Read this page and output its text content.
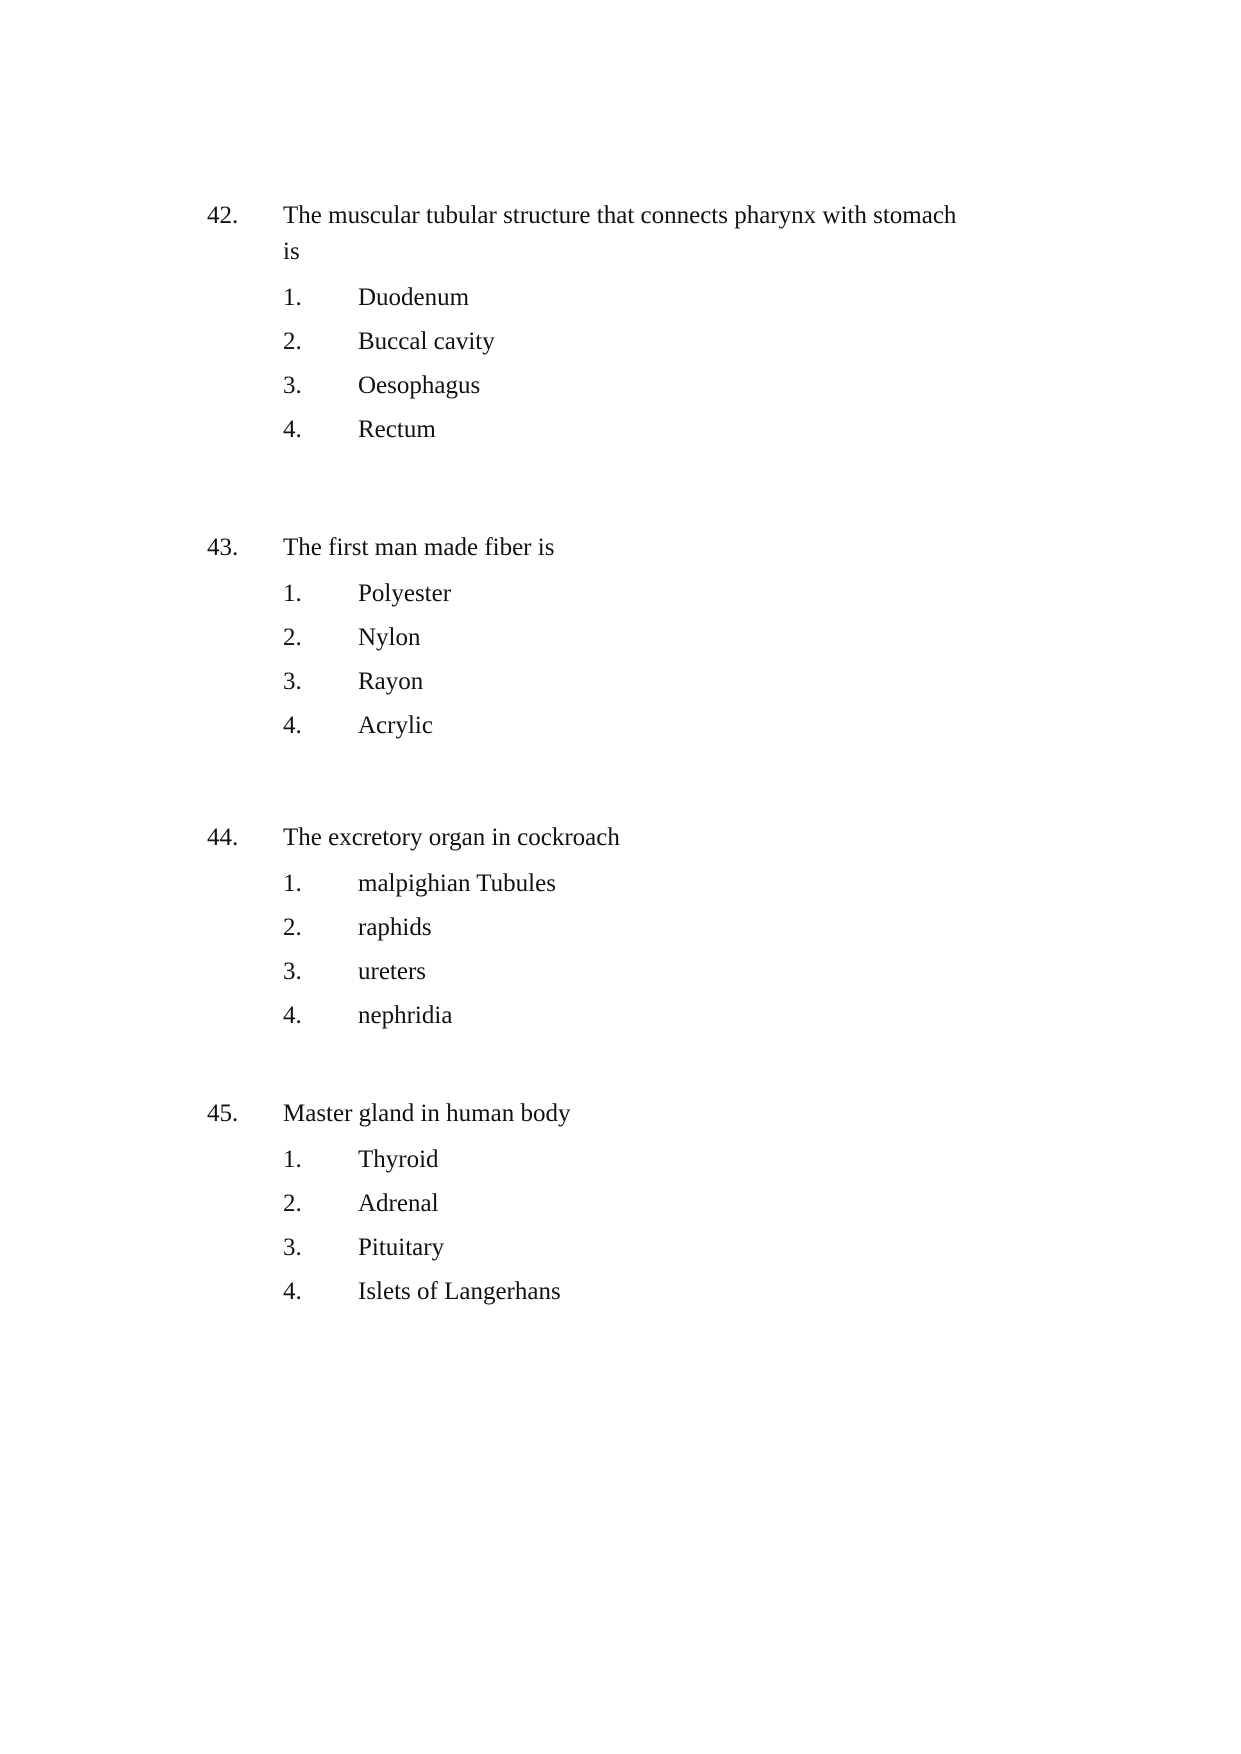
42.	The muscular tubular structure that connects pharynx with stomach is
1.	Duodenum
2.	Buccal cavity
3.	Oesophagus
4.	Rectum
43.	The first man made fiber is
1.	Polyester
2.	Nylon
3.	Rayon
4.	Acrylic
44.	The excretory organ in cockroach
1.	malpighian Tubules
2.	raphids
3.	ureters
4.	nephridia
45.	Master gland in human body
1.	Thyroid
2.	Adrenal
3.	Pituitary
4.	Islets of Langerhans
